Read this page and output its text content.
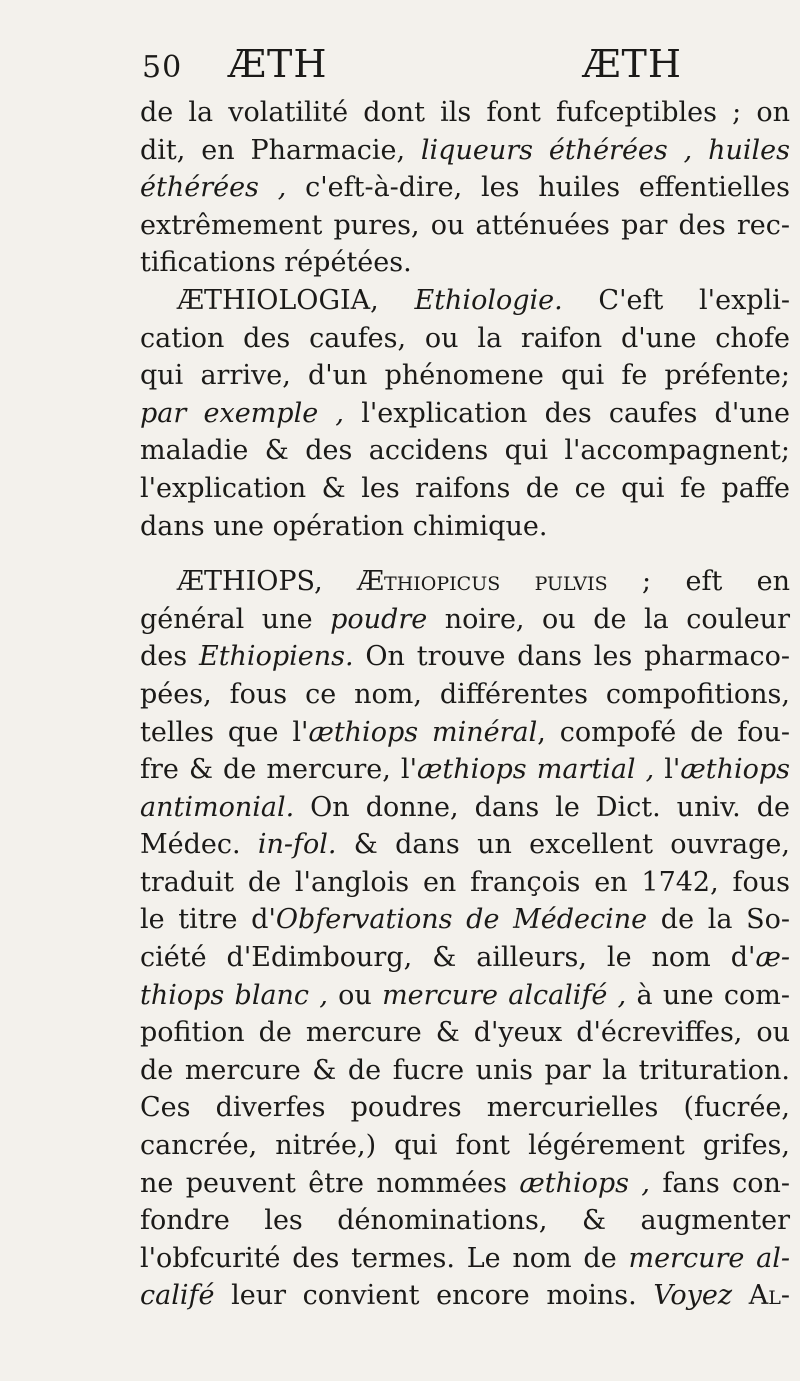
50 ÆTH	ÆTH
de la volatilité dont ils font fufceptibles ; on
dit, en Pharmacie, liqueurs éthérées , huiles
éthérées , c'eft-à-dire, les huiles effentielles
extrêmement pures, ou atténuées par des rec-
tifications répétées.
ÆTHIOLOGIA, Ethiologie. C'eft l'expli-
cation des caufes, ou la raifon d'une chofe
qui arrive, d'un phénomene qui fe préfente;
par exemple , l'explication des caufes d'une
maladie & des accidens qui l'accompagnent;
l'explication & les raifons de ce qui fe paffe
dans une opération chimique.
ÆTHIOPS, Æthiopicus pulvis ; eft en
général une poudre noire, ou de la couleur
des Ethiopiens. On trouve dans les pharmaco-
pées, fous ce nom, différentes compofitions,
telles que l'æthiops minéral, compofé de fou-
fre & de mercure, l'æthiops martial , l'æthiops
antimonial. On donne, dans le Dict. univ. de
Médec. in-fol. & dans un excellent ouvrage,
traduit de l'anglois en françois en 1742, fous
le titre d'Obfervations de Médecine de la So-
ciété d'Edimbourg, & ailleurs, le nom d'æ-
thiops blanc , ou mercure alcalifé , à une com-
pofition de mercure & d'yeux d'écreviffes, ou
de mercure & de fucre unis par la trituration.
Ces diverfes poudres mercurielles (fucrée,
cancrée, nitrée,) qui font légérement grifes,
ne peuvent être nommées æthiops , fans con-
fondre les dénominations, & augmenter
l'obfcurité des termes. Le nom de mercure al-
califé leur convient encore moins. Voyez Al-
